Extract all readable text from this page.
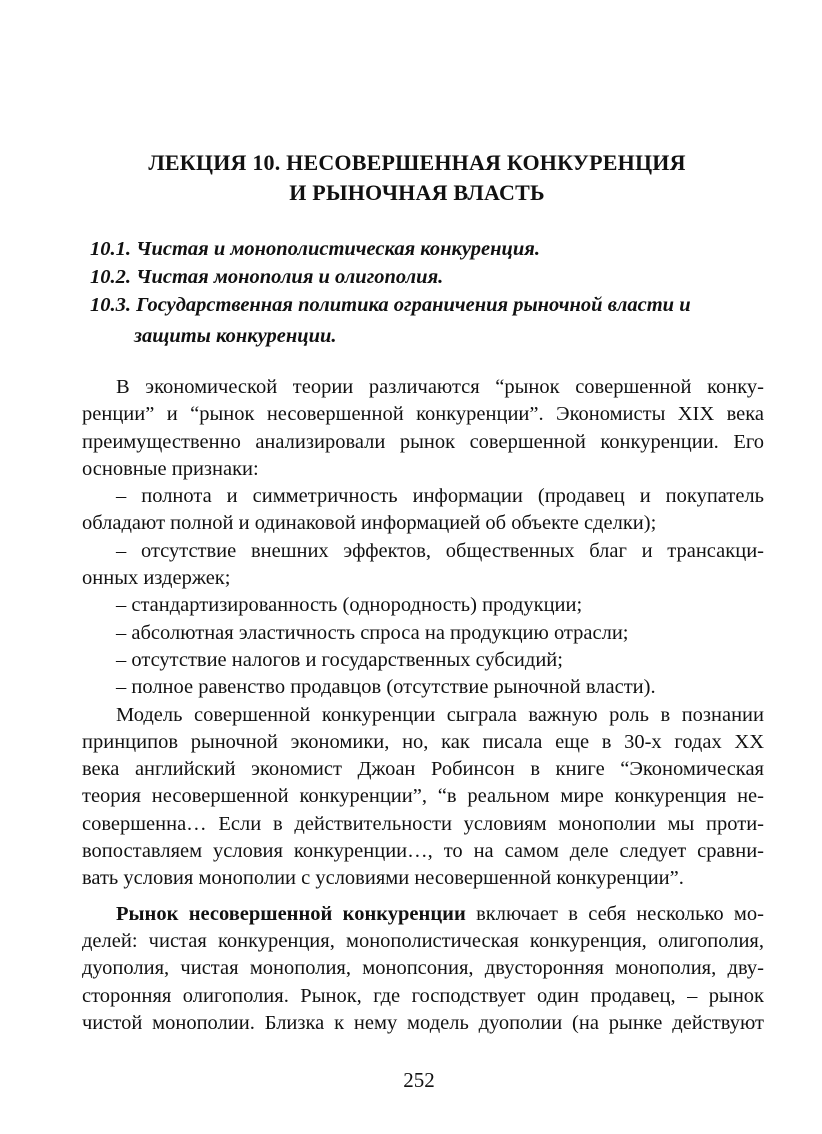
ЛЕКЦИЯ 10. НЕСОВЕРШЕННАЯ КОНКУРЕНЦИЯ
И РЫНОЧНАЯ ВЛАСТЬ
10.1. Чистая и монополистическая конкуренция.
10.2. Чистая монополия и олигополия.
10.3. Государственная политика ограничения рыночной власти и
защиты конкуренции.

В экономической теории различаются “рынок совершенной конку-

ренции” и “рынок несовершенной конкуренции”. Экономисты XIX века

преимущественно анализировали рынок совершенной конкуренции. Его

основные признаки:

– полнота и симметричность информации (продавец и покупатель

обладают полной и одинаковой информацией об объекте сделки);

– отсутствие внешних эффектов, общественных благ и трансакци-

онных издержек;

– стандартизированность (однородность) продукции;

– абсолютная эластичность спроса на продукцию отрасли;

– отсутствие налогов и государственных субсидий;

– полное равенство продавцов (отсутствие рыночной власти).

Модель совершенной конкуренции сыграла важную роль в познании

принципов рыночной экономики, но, как писала еще в 30-х годах XX

века английский экономист Джоан Робинсон в книге “Экономическая

теория несовершенной конкуренции”, “в реальном мире конкуренция не-

совершенна… Если в действительности условиям монополии мы проти-

вопоставляем условия конкуренции…, то на самом деле следует сравни-

вать условия монополии с условиями несовершенной конкуренции”.

Рынок несовершенной конкуренции включает в себя несколько мо-

делей: чистая конкуренция, монополистическая конкуренция, олигополия,

дуополия, чистая монополия, монопсония, двусторонняя монополия, дву-

сторонняя олигополия. Рынок, где господствует один продавец, – рынок

чистой монополии. Близка к нему модель дуополии (на рынке действуют

252
